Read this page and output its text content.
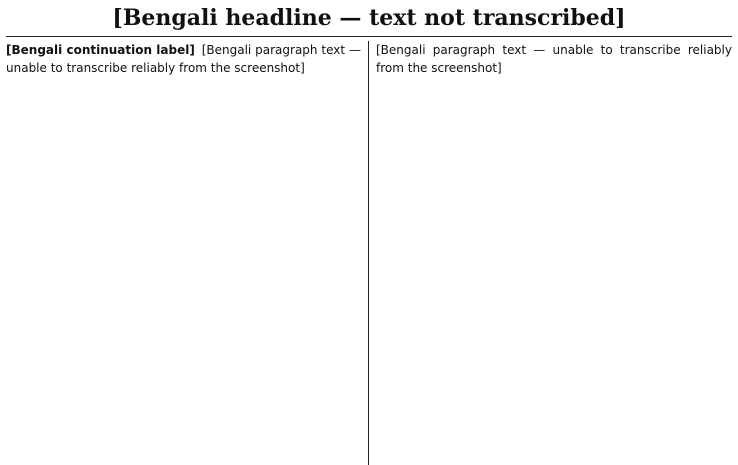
[Bengali headline — text not transcribed]

[Bengali continuation label] [Bengali paragraph text — unable to transcribe reliably from the screenshot]

[Bengali paragraph text — unable to transcribe reliably from the screenshot]
